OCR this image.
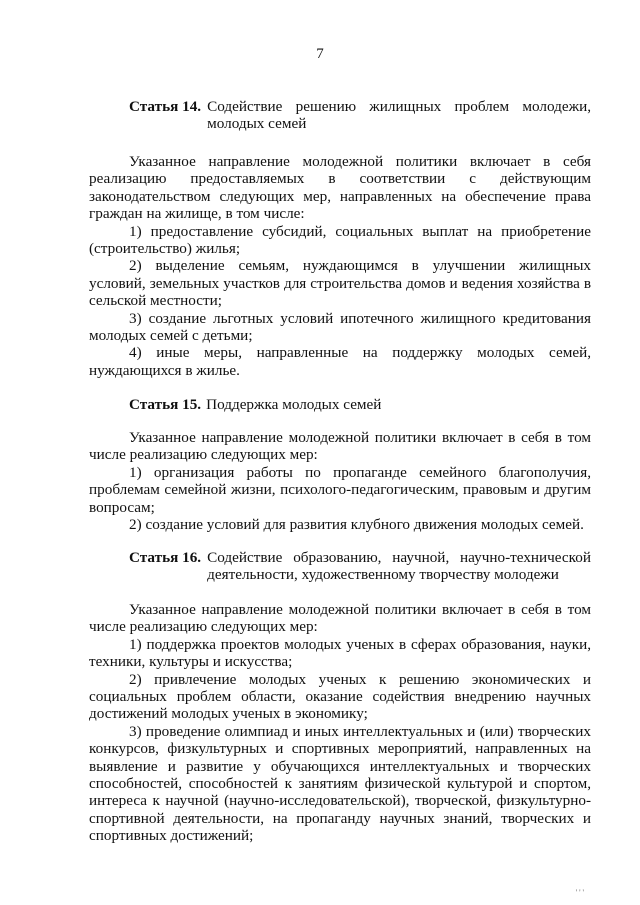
7
Статья 14. Содействие решению жилищных проблем молодежи, молодых семей

Указанное направление молодежной политики включает в себя реализацию предоставляемых в соответствии с действующим законодательством следующих мер, направленных на обеспечение права граждан на жилище, в том числе:

1) предоставление субсидий, социальных выплат на приобретение (строительство) жилья;

2) выделение семьям, нуждающимся в улучшении жилищных условий, земельных участков для строительства домов и ведения хозяйства в сельской местности;

3) создание льготных условий ипотечного жилищного кредитования молодых семей с детьми;

4) иные меры, направленные на поддержку молодых семей, нуждающихся в жилье.

Статья 15. Поддержка молодых семей

Указанное направление молодежной политики включает в себя в том числе реализацию следующих мер:

1) организация работы по пропаганде семейного благополучия, проблемам семейной жизни, психолого-педагогическим, правовым и другим вопросам;

2) создание условий для развития клубного движения молодых семей.

Статья 16. Содействие образованию, научной, научно-технической деятельности, художественному творчеству молодежи

Указанное направление молодежной политики включает в себя в том числе реализацию следующих мер:

1) поддержка проектов молодых ученых в сферах образования, науки, техники, культуры и искусства;

2) привлечение молодых ученых к решению экономических и социальных проблем области, оказание содействия внедрению научных достижений молодых ученых в экономику;

3) проведение олимпиад и иных интеллектуальных и (или) творческих конкурсов, физкультурных и спортивных мероприятий, направленных на выявление и развитие у обучающихся интеллектуальных и творческих способностей, способностей к занятиям физической культурой и спортом, интереса к научной (научно-исследовательской), творческой, физкультурно-спортивной деятельности, на пропаганду научных знаний, творческих и спортивных достижений;

'''
